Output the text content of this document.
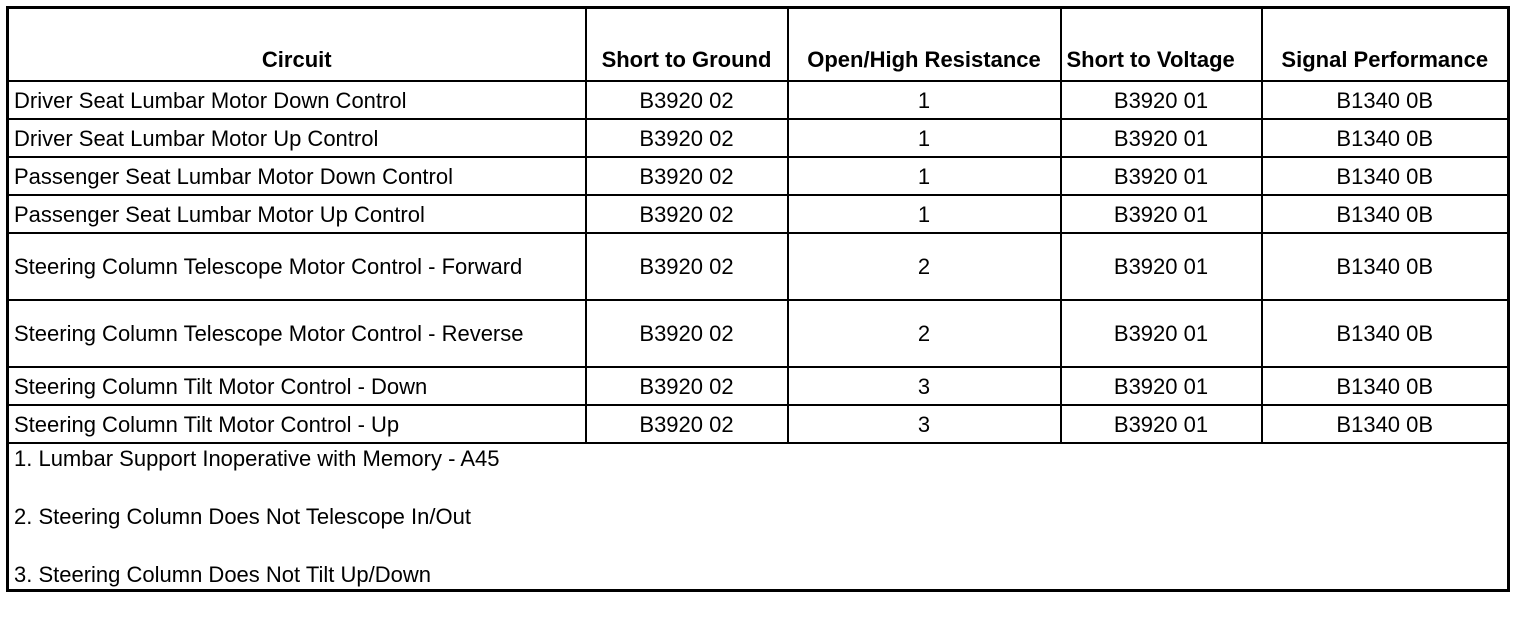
Circuit	Short to Ground	Open/High Resistance	Short to Voltage	Signal Performance
Driver Seat Lumbar Motor Down Control	B3920 02	1	B3920 01	B1340 0B
Driver Seat Lumbar Motor Up Control	B3920 02	1	B3920 01	B1340 0B
Passenger Seat Lumbar Motor Down Control	B3920 02	1	B3920 01	B1340 0B
Passenger Seat Lumbar Motor Up Control	B3920 02	1	B3920 01	B1340 0B
Steering Column Telescope Motor Control - Forward	B3920 02	2	B3920 01	B1340 0B
Steering Column Telescope Motor Control - Reverse	B3920 02	2	B3920 01	B1340 0B
Steering Column Tilt Motor Control - Down	B3920 02	3	B3920 01	B1340 0B
Steering Column Tilt Motor Control - Up	B3920 02	3	B3920 01	B1340 0B

1. Lumbar Support Inoperative with Memory - A45
2. Steering Column Does Not Telescope In/Out
3. Steering Column Does Not Tilt Up/Down				
